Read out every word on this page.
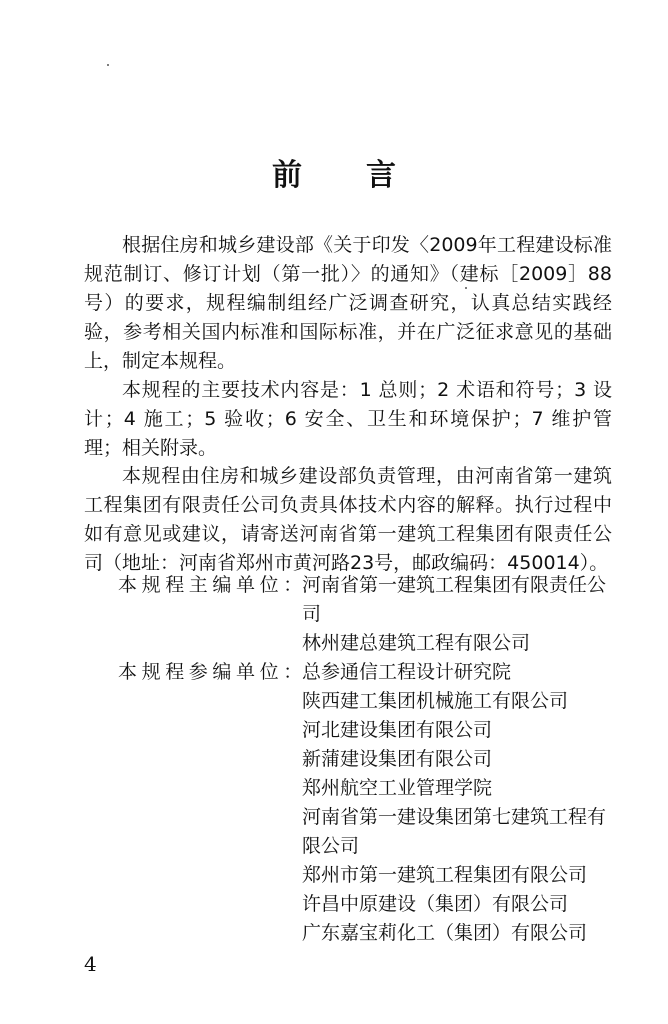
前 言
根据住房和城乡建设部《关于印发〈2009年工程建设标准规范制订、修订计划（第一批）〉的通知》（建标［2009］88号）的要求，规程编制组经广泛调查研究，认真总结实践经验，参考相关国内标准和国际标准，并在广泛征求意见的基础上，制定本规程。
本规程的主要技术内容是：1 总则；2 术语和符号；3 设计；4 施工；5 验收；6 安全、卫生和环境保护；7 维护管理；相关附录。
本规程由住房和城乡建设部负责管理，由河南省第一建筑工程集团有限责任公司负责具体技术内容的解释。执行过程中如有意见或建议，请寄送河南省第一建筑工程集团有限责任公司（地址：河南省郑州市黄河路23号，邮政编码：450014）。
本规程主编单位：
河南省第一建筑工程集团有限责任公司
林州建总建筑工程有限公司
本规程参编单位：
总参通信工程设计研究院
陕西建工集团机械施工有限公司
河北建设集团有限公司
新蒲建设集团有限公司
郑州航空工业管理学院
河南省第一建设集团第七建筑工程有限公司
郑州市第一建筑工程集团有限公司
许昌中原建设（集团）有限公司
广东嘉宝莉化工（集团）有限公司
4
